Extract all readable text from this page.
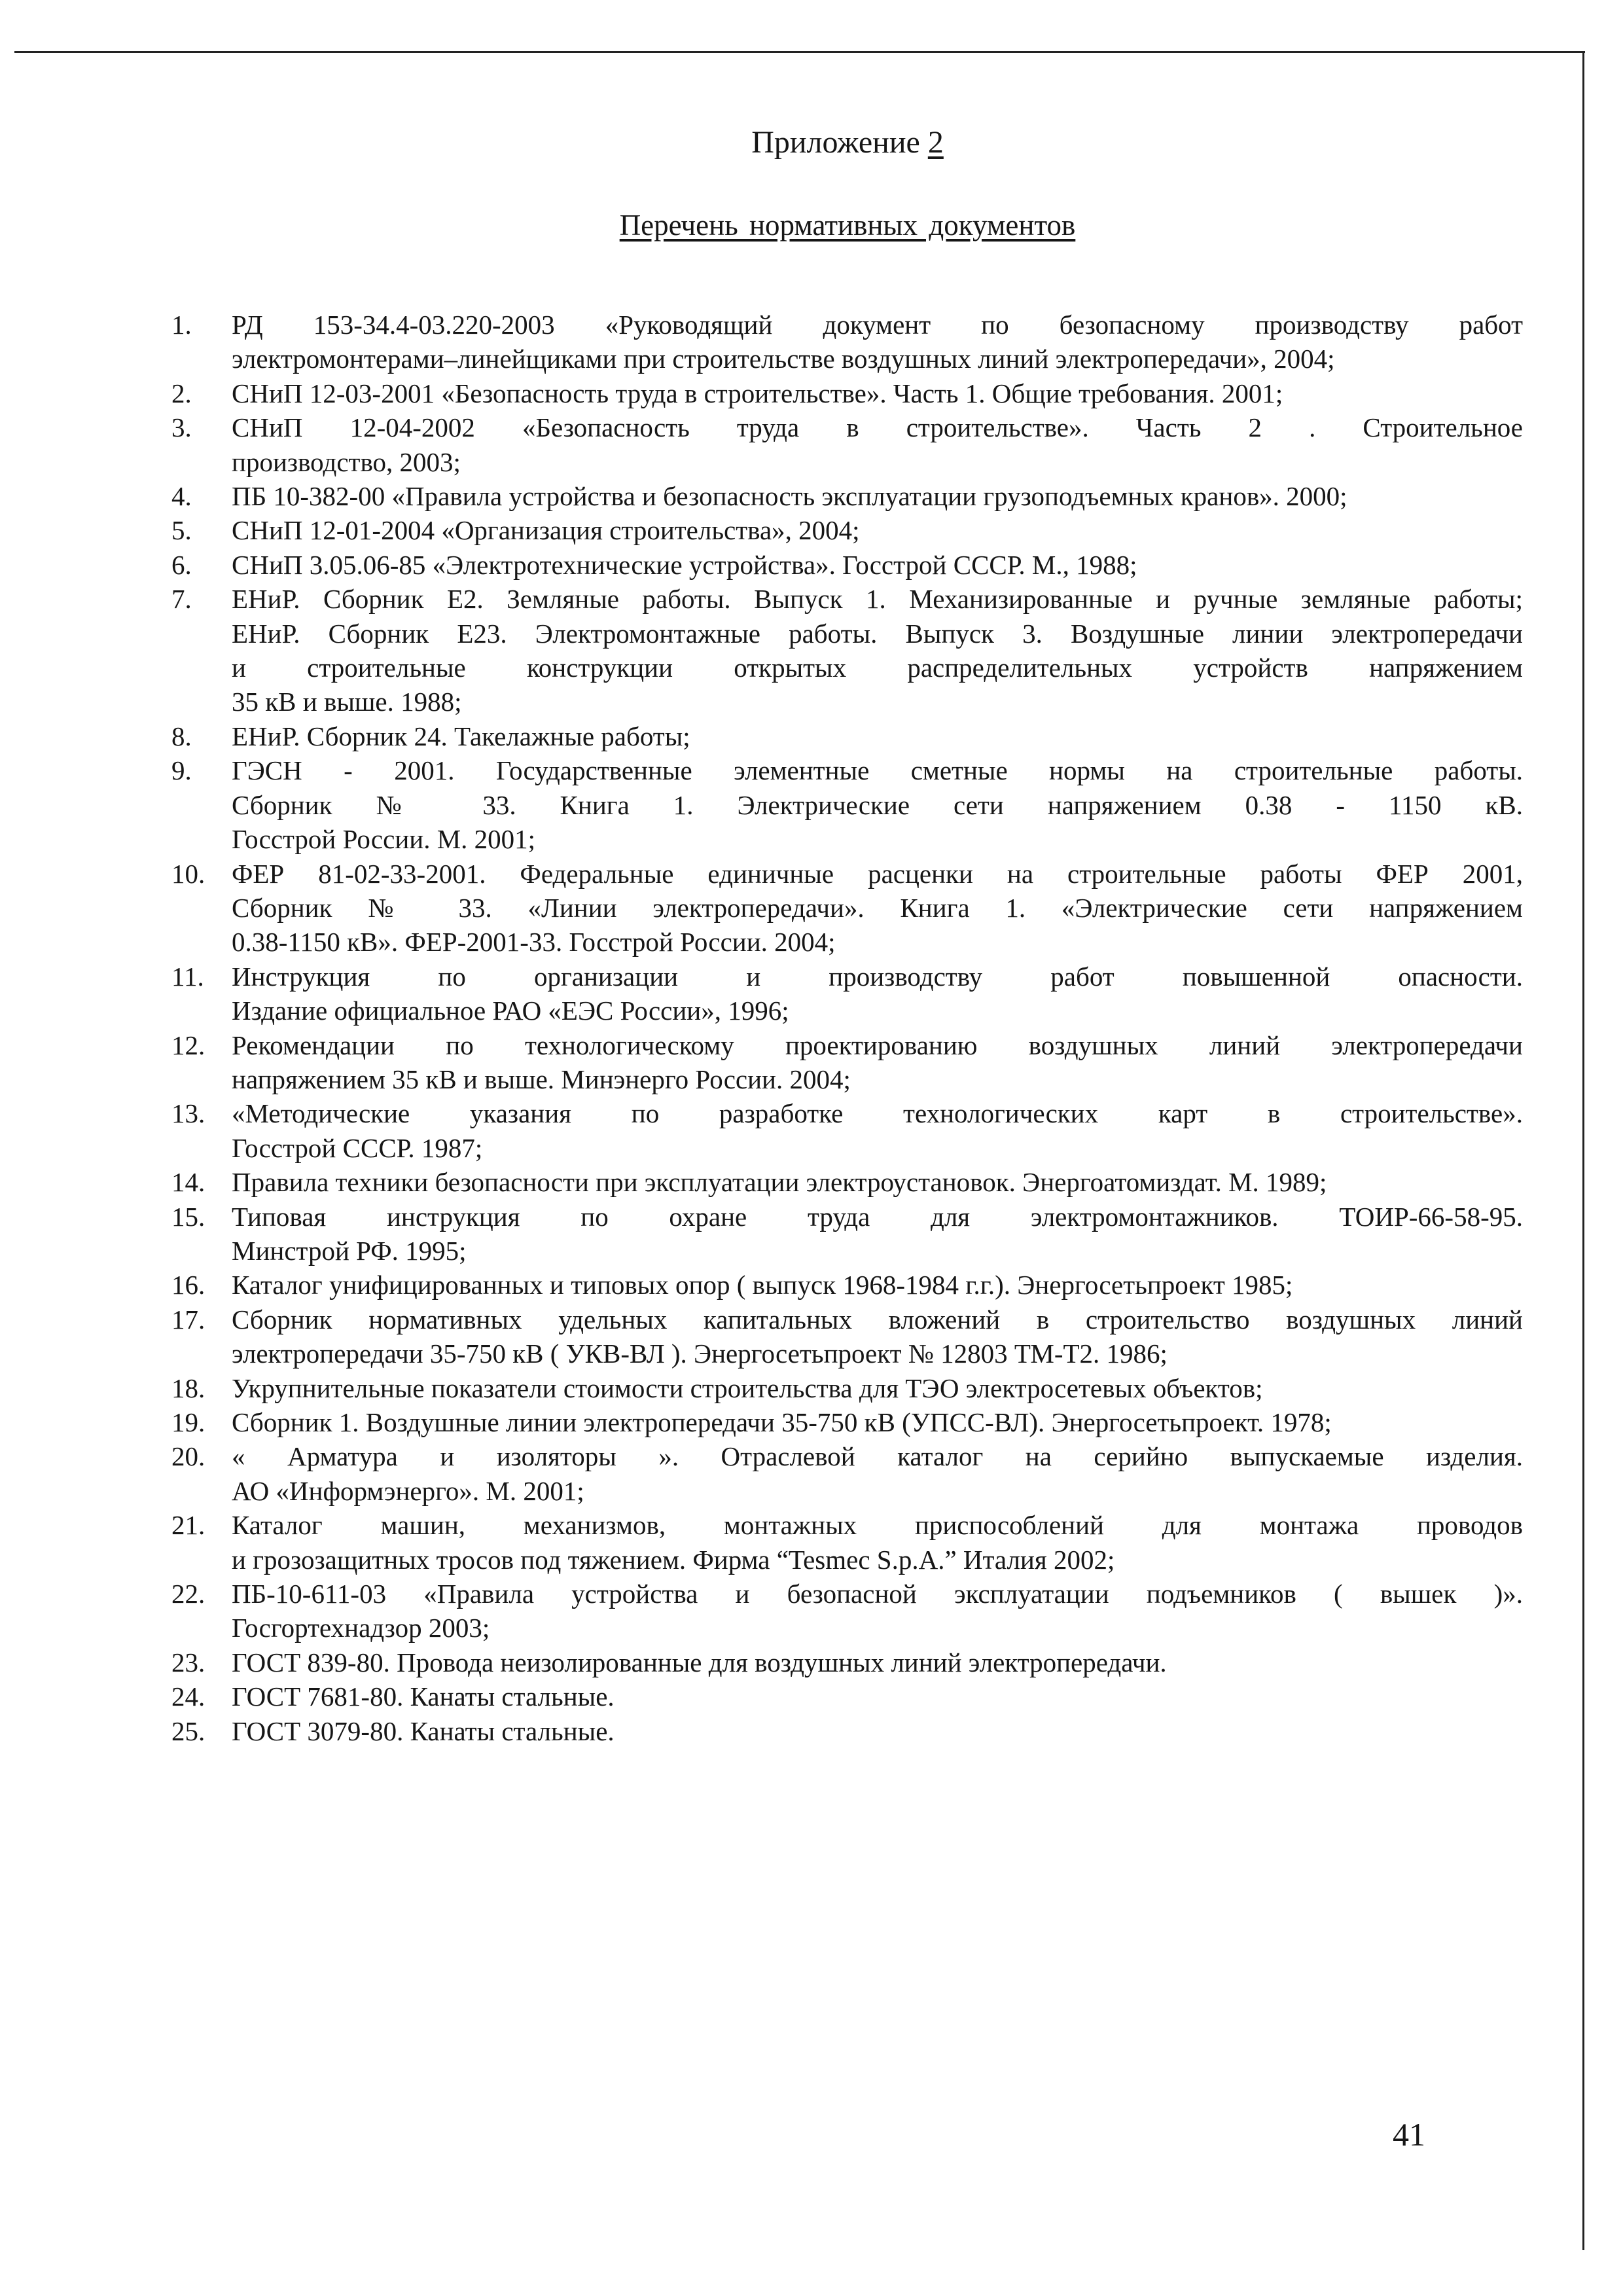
Приложение 2
Перечень нормативных документов
1. РД 153-34.4-03.220-2003 «Руководящий документ по безопасному производству работ
электромонтерами–линейщиками при строительстве воздушных линий электропередачи», 2004;
2. СНиП 12-03-2001 «Безопасность труда в строительстве». Часть 1. Общие требования. 2001;
3. СНиП 12-04-2002 «Безопасность труда в строительстве». Часть 2 . Строительное
производство, 2003;
4. ПБ 10-382-00 «Правила устройства и безопасность эксплуатации грузоподъемных кранов». 2000;
5. СНиП 12-01-2004 «Организация строительства», 2004;
6. СНиП 3.05.06-85 «Электротехнические устройства». Госстрой СССР. М., 1988;
7. ЕНиР. Сборник Е2. Земляные работы. Выпуск 1. Механизированные и ручные земляные работы;
ЕНиР. Сборник Е23. Электромонтажные работы. Выпуск 3. Воздушные линии электропередачи
и строительные конструкции открытых распределительных устройств напряжением
35 кВ и выше. 1988;
8. ЕНиР. Сборник 24. Такелажные работы;
9. ГЭСН - 2001. Государственные элементные сметные нормы на строительные работы.
Сборник № 33. Книга 1. Электрические сети напряжением 0.38 - 1150 кВ.
Госстрой России. М. 2001;
10. ФЕР 81-02-33-2001. Федеральные единичные расценки на строительные работы ФЕР 2001,
Сборник № 33. «Линии электропередачи». Книга 1. «Электрические сети напряжением
0.38-1150 кВ». ФЕР-2001-33. Госстрой России. 2004;
11. Инструкция по организации и производству работ повышенной опасности.
Издание официальное РАО «ЕЭС России», 1996;
12. Рекомендации по технологическому проектированию воздушных линий электропередачи
напряжением 35 кВ и выше. Минэнерго России. 2004;
13. «Методические указания по разработке технологических карт в строительстве».
Госстрой СССР. 1987;
14. Правила техники безопасности при эксплуатации электроустановок. Энергоатомиздат. М. 1989;
15. Типовая инструкция по охране труда для электромонтажников. ТОИР-66-58-95.
Минстрой РФ. 1995;
16. Каталог унифицированных и типовых опор ( выпуск 1968-1984 г.г.). Энергосетьпроект 1985;
17. Сборник нормативных удельных капитальных вложений в строительство воздушных линий
электропередачи 35-750 кВ ( УКВ-ВЛ ). Энергосетьпроект № 12803 ТМ-Т2. 1986;
18. Укрупнительные показатели стоимости строительства для ТЭО электросетевых объектов;
19. Сборник 1. Воздушные линии электропередачи 35-750 кВ (УПСС-ВЛ). Энергосетьпроект. 1978;
20. « Арматура и изоляторы ». Отраслевой каталог на серийно выпускаемые изделия.
АО «Информэнерго». М. 2001;
21. Каталог машин, механизмов, монтажных приспособлений для монтажа проводов
и грозозащитных тросов под тяжением. Фирма “Tesmec S.p.A.” Италия 2002;
22. ПБ-10-611-03 «Правила устройства и безопасной эксплуатации подъемников ( вышек )».
Госгортехнадзор 2003;
23. ГОСТ 839-80. Провода неизолированные для воздушных линий электропередачи.
24. ГОСТ 7681-80. Канаты стальные.
25. ГОСТ 3079-80. Канаты стальные.
41
